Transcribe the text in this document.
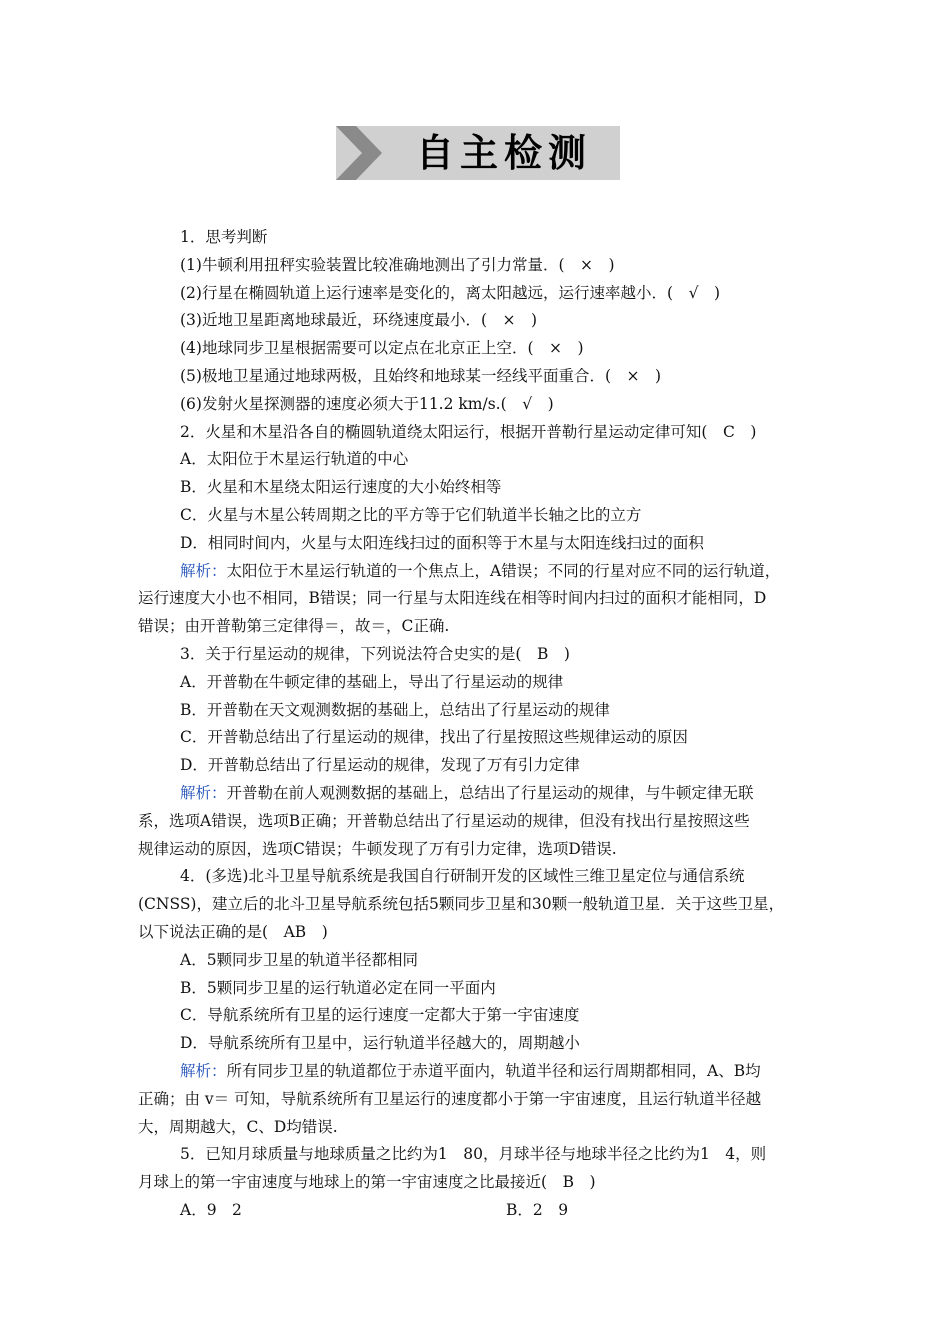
自主检测
1．思考判断
(1)牛顿利用扭秤实验装置比较准确地测出了引力常量．(　 ×　 )
(2)行星在椭圆轨道上运行速率是变化的，离太阳越远，运行速率越小．(　 √　 )
(3)近地卫星距离地球最近，环绕速度最小．(　 ×　 )
(4)地球同步卫星根据需要可以定点在北京正上空．(　 ×　 )
(5)极地卫星通过地球两极，且始终和地球某一经线平面重合．(　 ×　 )
(6)发射火星探测器的速度必须大于11.2 km/s.(　 √　 )
2．火星和木星沿各自的椭圆轨道绕太阳运行，根据开普勒行星运动定律可知(　 C　 )
A．太阳位于木星运行轨道的中心
B．火星和木星绕太阳运行速度的大小始终相等
C．火星与木星公转周期之比的平方等于它们轨道半长轴之比的立方
D．相同时间内，火星与太阳连线扫过的面积等于木星与太阳连线扫过的面积
解析：太阳位于木星运行轨道的一个焦点上，A错误；不同的行星对应不同的运行轨道，
运行速度大小也不相同，B错误；同一行星与太阳连线在相等时间内扫过的面积才能相同，D
错误；由开普勒第三定律得＝，故＝，C正确.
3．关于行星运动的规律，下列说法符合史实的是(　 B　 )
A．开普勒在牛顿定律的基础上，导出了行星运动的规律
B．开普勒在天文观测数据的基础上，总结出了行星运动的规律
C．开普勒总结出了行星运动的规律，找出了行星按照这些规律运动的原因
D．开普勒总结出了行星运动的规律，发现了万有引力定律
解析：开普勒在前人观测数据的基础上，总结出了行星运动的规律，与牛顿定律无联
系，选项A错误，选项B正确；开普勒总结出了行星运动的规律，但没有找出行星按照这些
规律运动的原因，选项C错误；牛顿发现了万有引力定律，选项D错误.
4．(多选)北斗卫星导航系统是我国自行研制开发的区域性三维卫星定位与通信系统
(CNSS)，建立后的北斗卫星导航系统包括5颗同步卫星和30颗一般轨道卫星．关于这些卫星，
以下说法正确的是(　 AB　 )
A．5颗同步卫星的轨道半径都相同
B．5颗同步卫星的运行轨道必定在同一平面内
C．导航系统所有卫星的运行速度一定都大于第一宇宙速度
D．导航系统所有卫星中，运行轨道半径越大的，周期越小
解析：所有同步卫星的轨道都位于赤道平面内，轨道半径和运行周期都相同，A、B均
正确；由 v＝ 可知，导航系统所有卫星运行的速度都小于第一宇宙速度，且运行轨道半径越
大，周期越大，C、D均错误.
5．已知月球质量与地球质量之比约为1　80，月球半径与地球半径之比约为1　4，则
月球上的第一宇宙速度与地球上的第一宇宙速度之比最接近(　 B　 )
A．9　2	B．2　9
